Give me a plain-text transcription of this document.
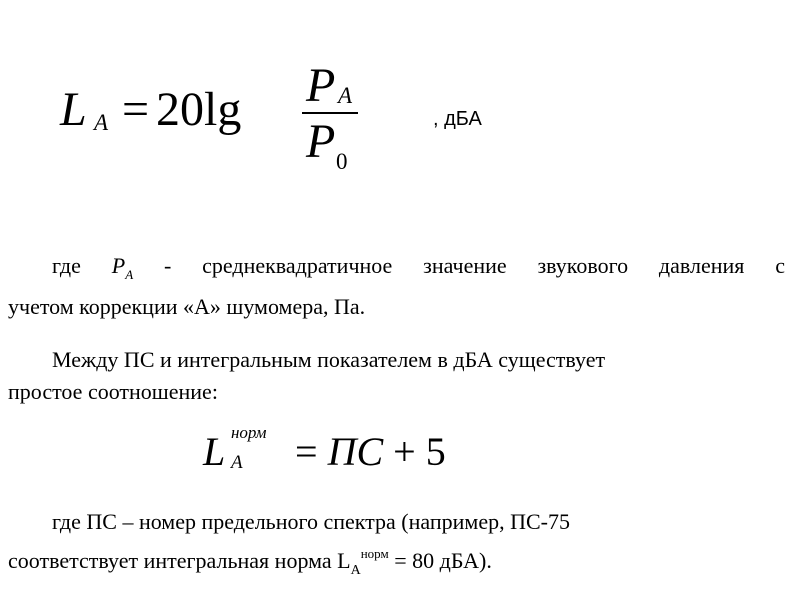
L A = 20lg P A
P 0
, дБА
где $P_A$ - среднеквадратичное значение звукового давления с
учетом коррекции «А» шумомера, Па.
Между ПС и интегральным показателем в дБА существует
простое соотношение:
L норм
A = ПС + 5
где ПС – номер предельного спектра (например, ПС-75
соответствует интегральная норма $L_A^{норм} = 80$ дБА).
